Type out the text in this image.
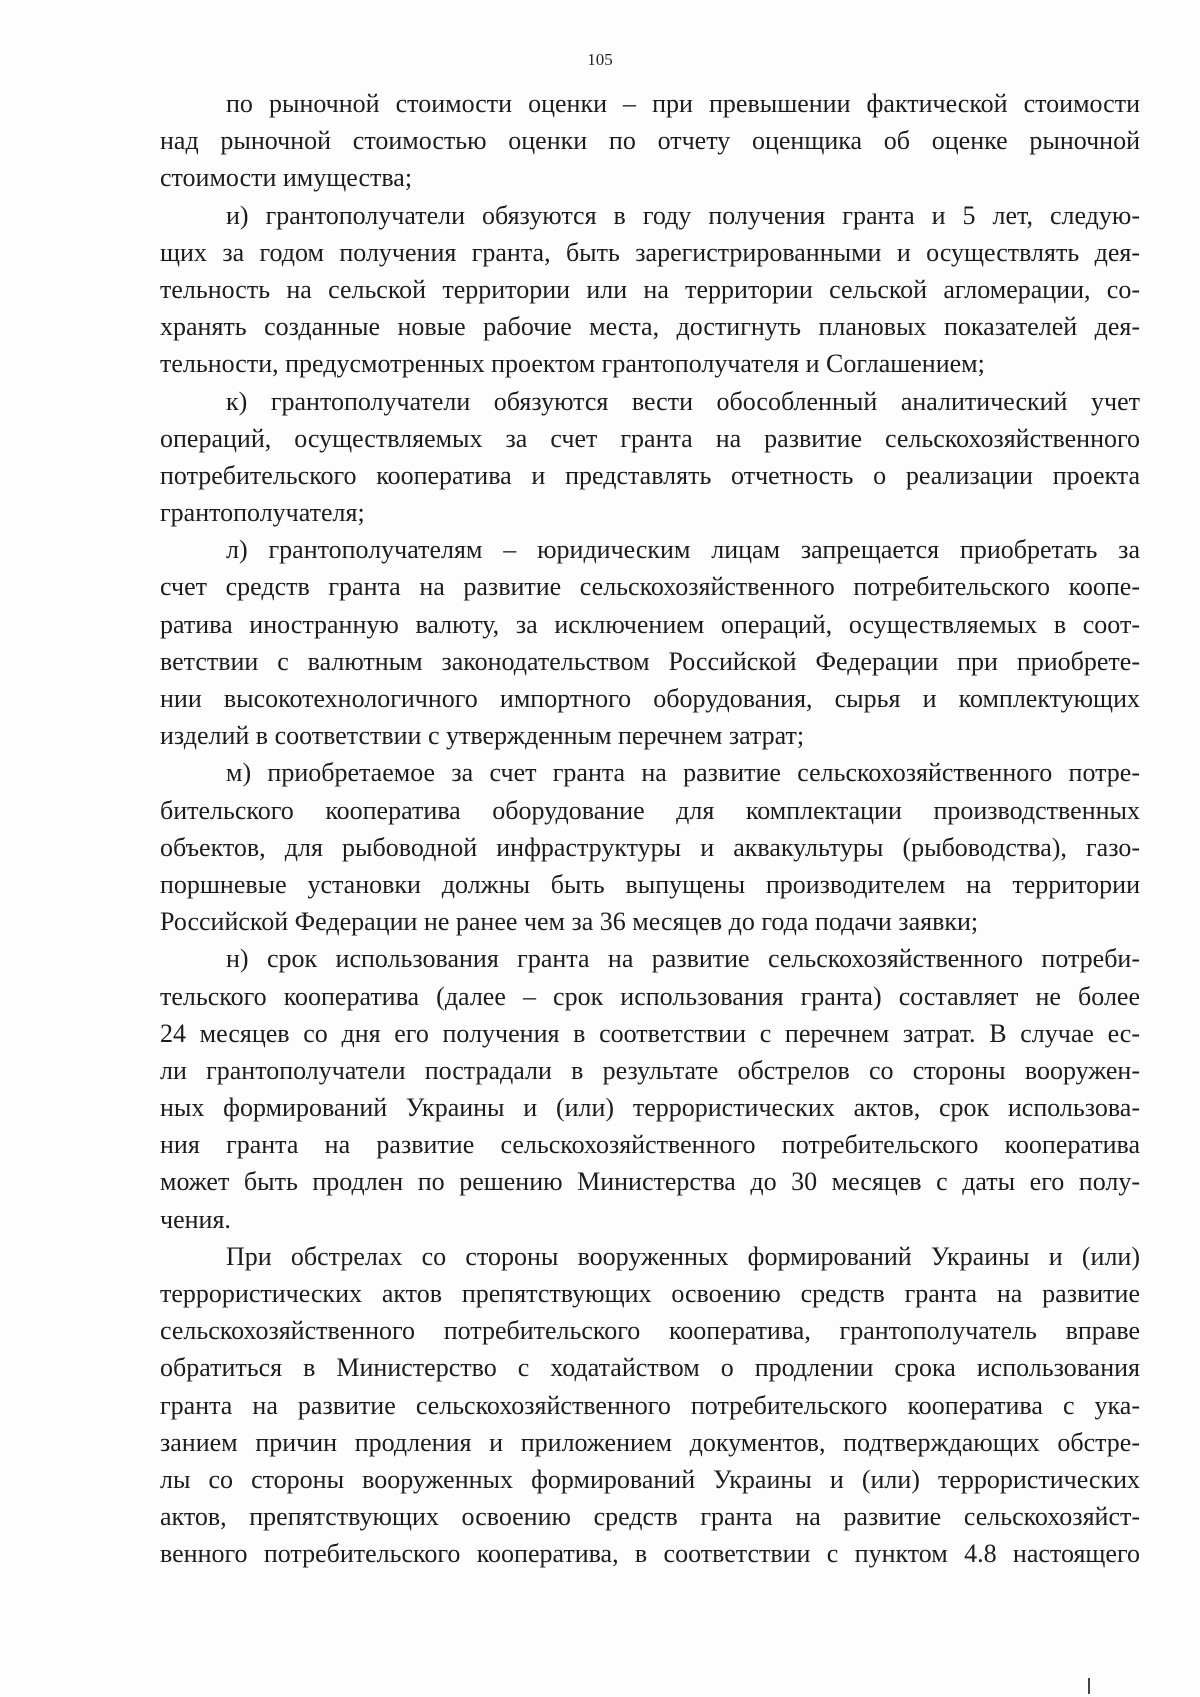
105
по рыночной стоимости оценки – при превышении фактической стоимости
над рыночной стоимостью оценки по отчету оценщика об оценке рыночной
стоимости имущества;
и) грантополучатели обязуются в году получения гранта и 5 лет, следую-
щих за годом получения гранта, быть зарегистрированными и осуществлять дея-
тельность на сельской территории или на территории сельской агломерации, со-
хранять созданные новые рабочие места, достигнуть плановых показателей дея-
тельности, предусмотренных проектом грантополучателя и Соглашением;
к) грантополучатели обязуются вести обособленный аналитический учет
операций, осуществляемых за счет гранта на развитие сельскохозяйственного
потребительского кооператива и представлять отчетность о реализации проекта
грантополучателя;
л) грантополучателям – юридическим лицам запрещается приобретать за
счет средств гранта на развитие сельскохозяйственного потребительского коопе-
ратива иностранную валюту, за исключением операций, осуществляемых в соот-
ветствии с валютным законодательством Российской Федерации при приобрете-
нии высокотехнологичного импортного оборудования, сырья и комплектующих
изделий в соответствии с утвержденным перечнем затрат;
м) приобретаемое за счет гранта на развитие сельскохозяйственного потре-
бительского кооператива оборудование для комплектации производственных
объектов, для рыбоводной инфраструктуры и аквакультуры (рыбоводства), газо-
поршневые установки должны быть выпущены производителем на территории
Российской Федерации не ранее чем за 36 месяцев до года подачи заявки;
н) срок использования гранта на развитие сельскохозяйственного потреби-
тельского кооператива (далее – срок использования гранта) составляет не более
24 месяцев со дня его получения в соответствии с перечнем затрат. В случае ес-
ли грантополучатели пострадали в результате обстрелов со стороны вооружен-
ных формирований Украины и (или) террористических актов, срок использова-
ния гранта на развитие сельскохозяйственного потребительского кооператива
может быть продлен по решению Министерства до 30 месяцев с даты его полу-
чения.
При обстрелах со стороны вооруженных формирований Украины и (или)
террористических актов препятствующих освоению средств гранта на развитие
сельскохозяйственного потребительского кооператива, грантополучатель вправе
обратиться в Министерство с ходатайством о продлении срока использования
гранта на развитие сельскохозяйственного потребительского кооператива с ука-
занием причин продления и приложением документов, подтверждающих обстре-
лы со стороны вооруженных формирований Украины и (или) террористических
актов, препятствующих освоению средств гранта на развитие сельскохозяйст-
венного потребительского кооператива, в соответствии с пунктом 4.8 настоящего
